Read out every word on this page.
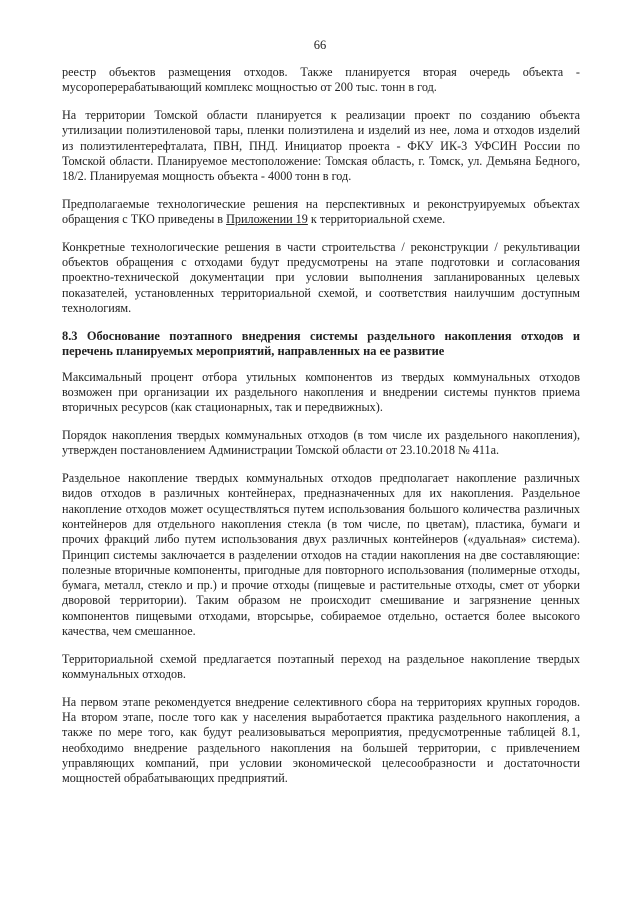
66

реестр объектов размещения отходов. Также планируется вторая очередь объекта - мусороперерабатывающий комплекс мощностью от 200 тыс. тонн в год.

На территории Томской области планируется к реализации проект по созданию объекта утилизации полиэтиленовой тары, пленки полиэтилена и изделий из нее, лома и отходов изделий из полиэтилентерефталата, ПВН, ПНД. Инициатор проекта - ФКУ ИК-3 УФСИН России по Томской области. Планируемое местоположение: Томская область, г. Томск, ул. Демьяна Бедного, 18/2. Планируемая мощность объекта - 4000 тонн в год.

Предполагаемые технологические решения на перспективных и реконструируемых объектах обращения с ТКО приведены в Приложении 19 к территориальной схеме.

Конкретные технологические решения в части строительства / реконструкции / рекультивации объектов обращения с отходами будут предусмотрены на этапе подготовки и согласования проектно-технической документации при условии выполнения запланированных целевых показателей, установленных территориальной схемой, и соответствия наилучшим доступным технологиям.

8.3 Обоснование поэтапного внедрения системы раздельного накопления отходов и перечень планируемых мероприятий, направленных на ее развитие

Максимальный процент отбора утильных компонентов из твердых коммунальных отходов возможен при организации их раздельного накопления и внедрении системы пунктов приема вторичных ресурсов (как стационарных, так и передвижных).

Порядок накопления твердых коммунальных отходов (в том числе их раздельного накопления), утвержден постановлением Администрации Томской области от 23.10.2018 № 411а.

Раздельное накопление твердых коммунальных отходов предполагает накопление различных видов отходов в различных контейнерах, предназначенных для их накопления. Раздельное накопление отходов может осуществляться путем использования большого количества различных контейнеров для отдельного накопления стекла (в том числе, по цветам), пластика, бумаги и прочих фракций либо путем использования двух различных контейнеров («дуальная» система). Принцип системы заключается в разделении отходов на стадии накопления на две составляющие: полезные вторичные компоненты, пригодные для повторного использования (полимерные отходы, бумага, металл, стекло и пр.) и прочие отходы (пищевые и растительные отходы, смет от уборки дворовой территории). Таким образом не происходит смешивание и загрязнение ценных компонентов пищевыми отходами, вторсырье, собираемое отдельно, остается более высокого качества, чем смешанное.

Территориальной схемой предлагается поэтапный переход на раздельное накопление твердых коммунальных отходов.

На первом этапе рекомендуется внедрение селективного сбора на территориях крупных городов. На втором этапе, после того как у населения выработается практика раздельного накопления, а также по мере того, как будут реализовываться мероприятия, предусмотренные таблицей 8.1, необходимо внедрение раздельного накопления на большей территории, с привлечением управляющих компаний, при условии экономической целесообразности и достаточности мощностей обрабатывающих предприятий.
